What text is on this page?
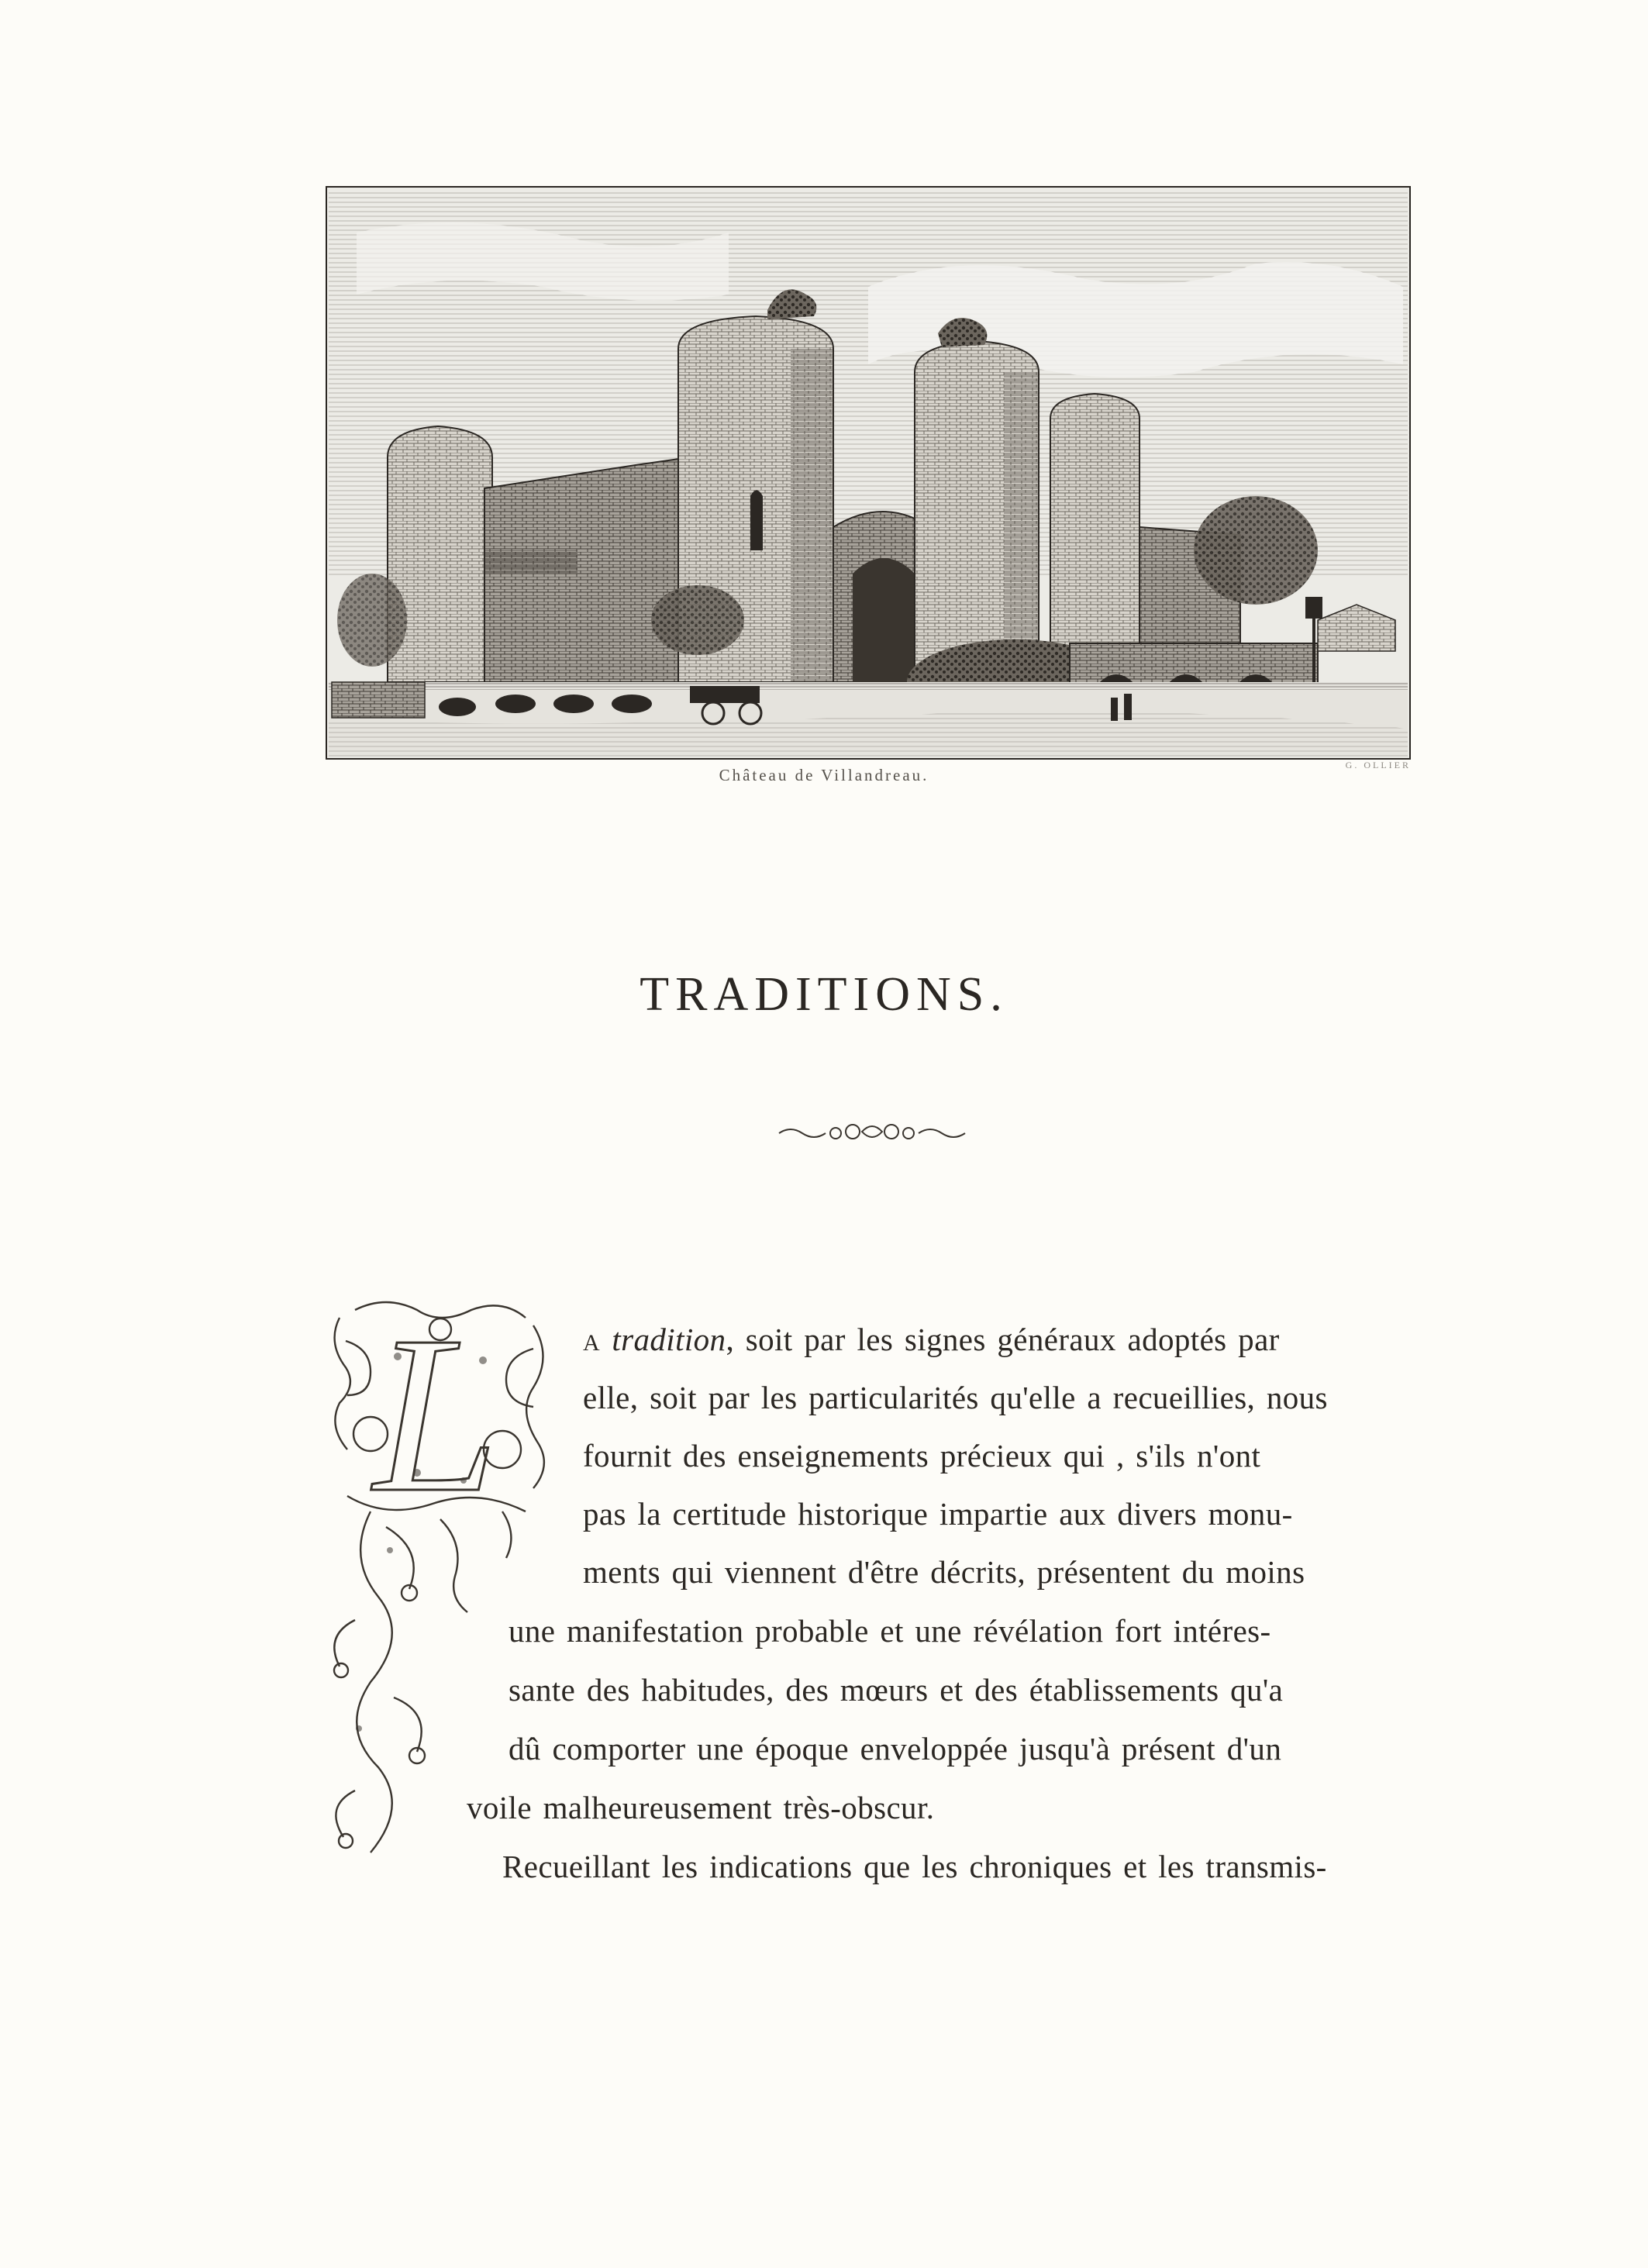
G. OLLIER
Château de Villandreau.
TRADITIONS.
L	A tradition, soit par les signes généraux adoptés par
elle, soit par les particularités qu'elle a recueillies, nous
fournit des enseignements précieux qui , s'ils n'ont
pas la certitude historique impartie aux divers monu-
ments qui viennent d'être décrits, présentent du moins
une manifestation probable et une révélation fort intéres-
sante des habitudes, des mœurs et des établissements qu'a
dû comporter une époque enveloppée jusqu'à présent d'un
voile malheureusement très-obscur.
Recueillant les indications que les chroniques et les transmis-
